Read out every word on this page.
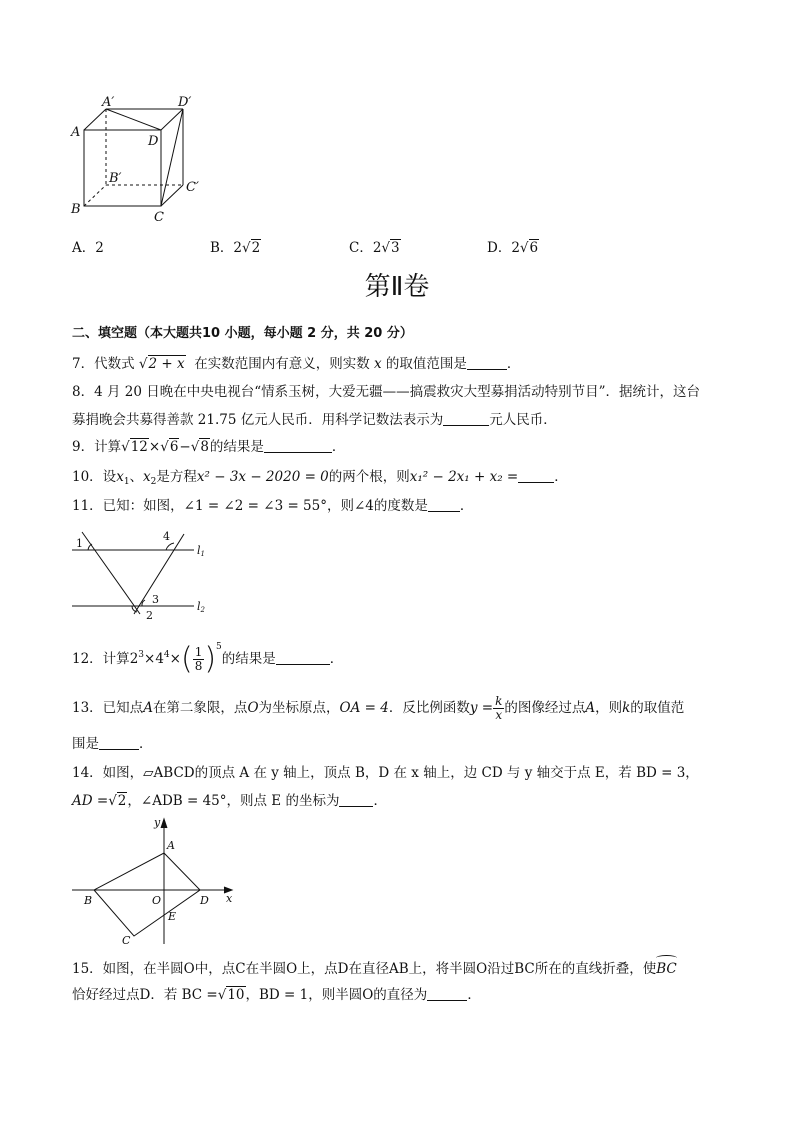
A′	D′
A
D
B′
C′
B
C
A．2	B．2√2	C．2√3	D．2√6
第Ⅱ卷
二、填空题（本大题共10 小题，每小题 2 分，共 20 分）
7．代数式 √2 + x 在实数范围内有意义，则实数 x 的取值范围是	．
8．4 月 20 日晚在中央电视台“情系玉树，大爱无疆——搞震救灾大型募捐活动特别节目”．据统计，这台
募捐晚会共募得善款 21.75 亿元人民币．用科学记数法表示为	元人民币．
9．计算√12×√6−√8的结果是	．
10．设$x_1$、$x_2$是方程x² − 3x − 2020 = 0的两个根，则x₁² − 2x₁ + x₂ =	．
11．已知：如图，∠1 = ∠2 = ∠3 = 55°，则∠4的度数是 ．
1
4
3
2
l1
l2
12．计算$2^3\times 4^4\times( \frac{1}{8} )^5$的结果是	．
13．已知点A在第二象限，点O为坐标原点，OA = 4．反比例函数$y = \frac{k}{x}$ 的图像经过点A，则k的取值范
围是	．
14．如图，▱ABCD的顶点 A 在 y 轴上，顶点 B，D 在 x 轴上，边 CD 与 y 轴交于点 E，若 BD = 3，
AD =√2，∠ADB = 45°，则点 E 的坐标为	．
y
x
A
B	O	D
E
C
15．如图，在半圆O中，点C在半圆O上，点D在直径AB上，将半圆O沿过BC所在的直线折叠，使
BC
恰好经过点D．若 BC =√10，BD = 1，则半圆O的直径为	．
